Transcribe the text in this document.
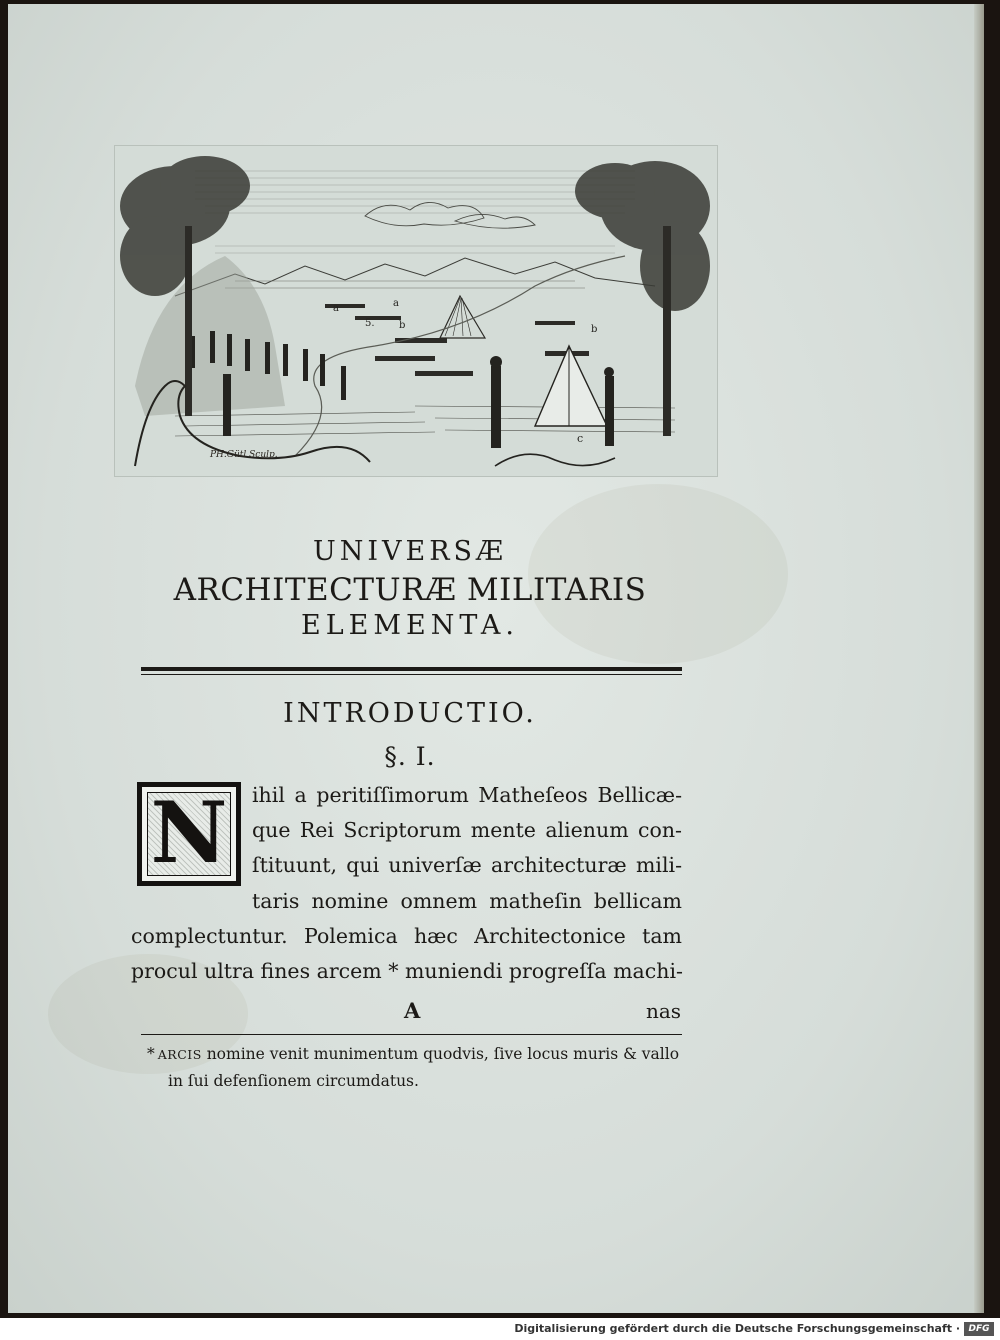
c
a
5. b
a
b
PH.Gütl Sculp.
UNIVERSÆ
ARCHITECTURÆ MILITARIS
ELEMENTA.
INTRODUCTIO.
§. I.
N	ihil a peritiſſimorum Matheſeos Bellicæ-
que Rei Scriptorum mente alienum con-
ſtituunt, qui univerſæ architecturæ mili-
taris nomine omnem matheſin bellicam
complectuntur. Polemica hæc Architectonice tam
procul ultra fines arcem * muniendi progreſſa machi-
A	nas
* ARCIS nomine venit munimentum quodvis, ſive locus muris & vallo
in ſui defenſionem circumdatus.
Digitalisierung gefördert durch die Deutsche Forschungsgemeinschaft · DFG
